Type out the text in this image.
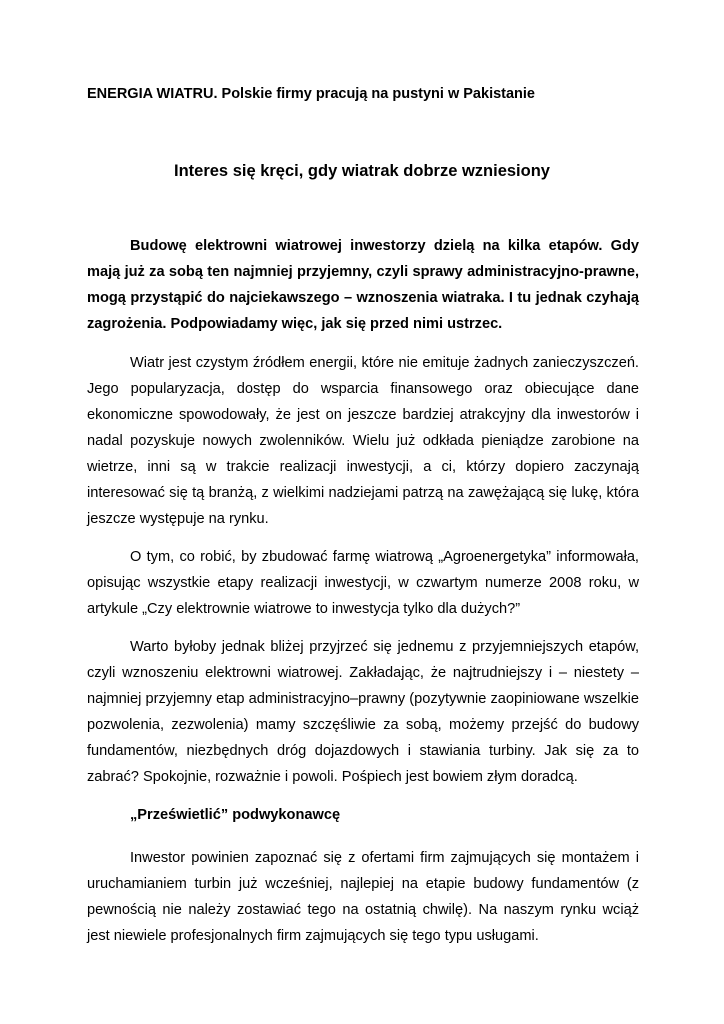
ENERGIA WIATRU. Polskie firmy pracują na pustyni w Pakistanie

Interes się kręci, gdy wiatrak dobrze wzniesiony

Budowę elektrowni wiatrowej inwestorzy dzielą na kilka etapów. Gdy mają już za sobą ten najmniej przyjemny, czyli sprawy administracyjno-prawne, mogą przystąpić do najciekawszego – wznoszenia wiatraka. I tu jednak czyhają zagrożenia. Podpowiadamy więc, jak się przed nimi ustrzec.

Wiatr jest czystym źródłem energii, które nie emituje żadnych zanieczyszczeń. Jego popularyzacja, dostęp do wsparcia finansowego oraz obiecujące dane ekonomiczne spowodowały, że jest on jeszcze bardziej atrakcyjny dla inwestorów i nadal pozyskuje nowych zwolenników. Wielu już odkłada pieniądze zarobione na wietrze, inni są w trakcie realizacji inwestycji, a ci, którzy dopiero zaczynają interesować się tą branżą, z wielkimi nadziejami patrzą na zawężającą się lukę, która jeszcze występuje na rynku.

O tym, co robić, by zbudować farmę wiatrową „Agroenergetyka” informowała, opisując wszystkie etapy realizacji inwestycji, w czwartym numerze 2008 roku, w artykule „Czy elektrownie wiatrowe to inwestycja tylko dla dużych?”

Warto byłoby jednak bliżej przyjrzeć się jednemu z przyjemniejszych etapów, czyli wznoszeniu elektrowni wiatrowej. Zakładając, że najtrudniejszy i – niestety – najmniej przyjemny etap administracyjno–prawny (pozytywnie zaopiniowane wszelkie pozwolenia, zezwolenia) mamy szczęśliwie za sobą, możemy przejść do budowy fundamentów, niezbędnych dróg dojazdowych i stawiania turbiny. Jak się za to zabrać? Spokojnie, rozważnie i powoli. Pośpiech jest bowiem złym doradcą.

„Prześwietlić” podwykonawcę

Inwestor powinien zapoznać się z ofertami firm zajmujących się montażem i uruchamianiem turbin już wcześniej, najlepiej na etapie budowy fundamentów (z pewnością nie należy zostawiać tego na ostatnią chwilę). Na naszym rynku wciąż jest niewiele profesjonalnych firm zajmujących się tego typu usługami.
